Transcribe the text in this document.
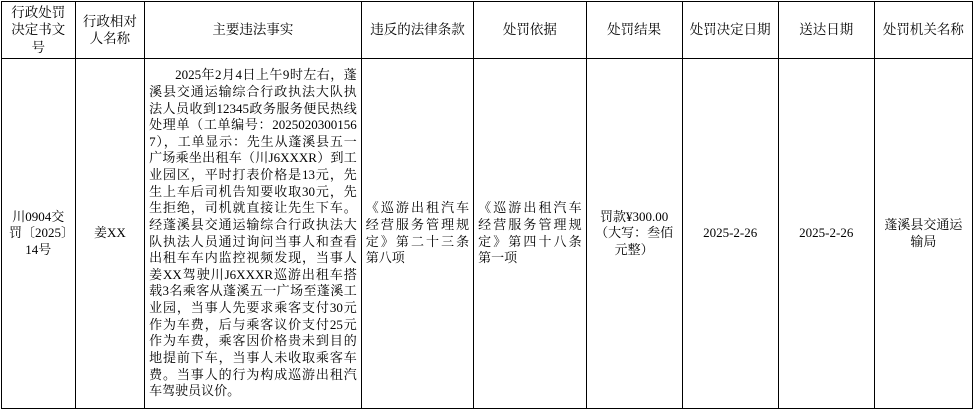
行政处罚决定书文号	行政相对人名称	主要违法事实	违反的法律条款	处罚依据	处罚结果	处罚决定日期	送达日期	处罚机关名称
川0904交罚〔2025〕14号	姜XX	2025年2月4日上午9时左右，蓬溪县交通运输综合行政执法大队执法人员收到12345政务服务便民热线处理单（工单编号：20250203001567），工单显示：先生从蓬溪县五一广场乘坐出租车（川J6XXXR）到工业园区，平时打表价格是13元，先生上车后司机告知要收取30元，先生拒绝，司机就直接让先生下车。经蓬溪县交通运输综合行政执法大队执法人员通过询问当事人和查看出租车车内监控视频发现，当事人姜XX驾驶川J6XXXR巡游出租车搭载3名乘客从蓬溪五一广场至蓬溪工业园，当事人先要求乘客支付30元作为车费，后与乘客议价支付25元作为车费，乘客因价格贵未到目的地提前下车，当事人未收取乘客车费。当事人的行为构成巡游出租汽车驾驶员议价。	《巡游出租汽车经营服务管理规定》第二十三条第八项	《巡游出租汽车经营服务管理规定》第四十八条第一项	罚款¥300.00（大写：叁佰元整）	2025-2-26	2025-2-26	蓬溪县交通运输局
